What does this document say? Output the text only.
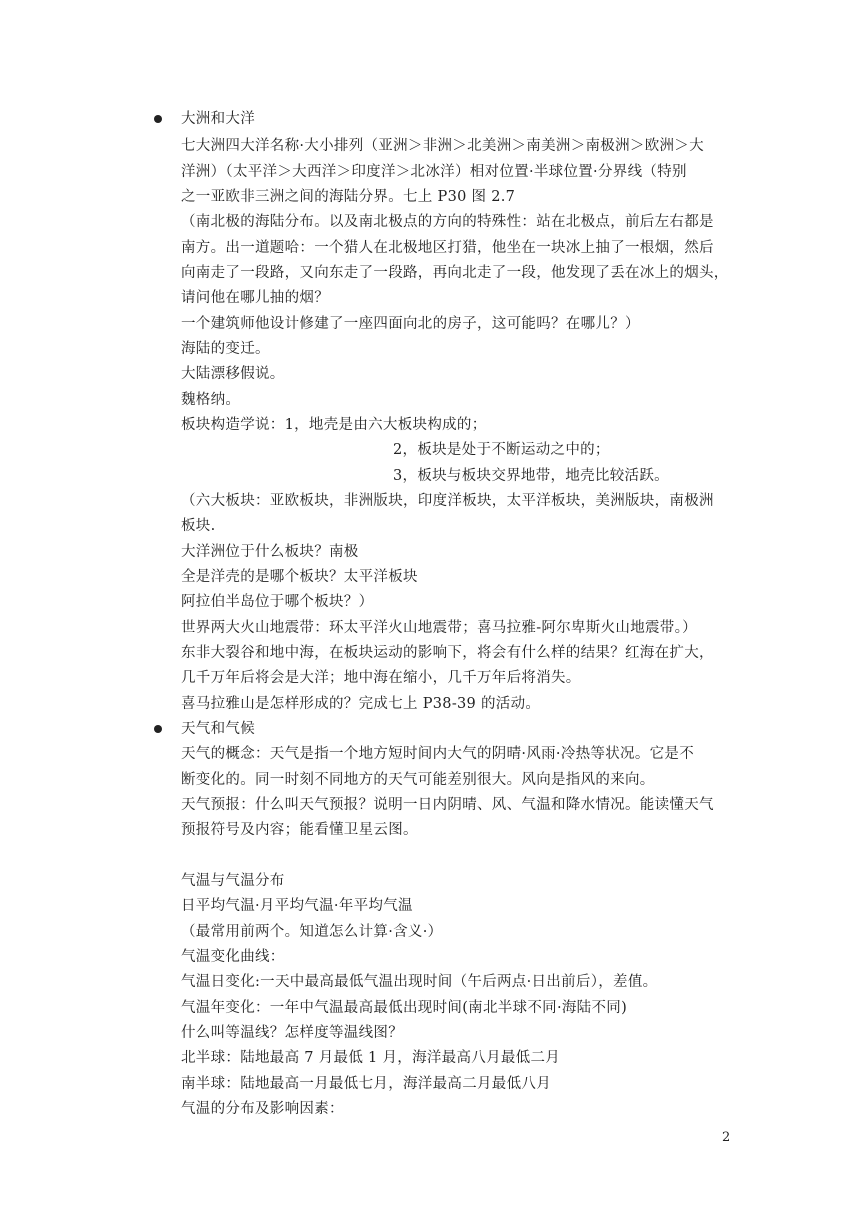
大洲和大洋
七大洲四大洋名称·大小排列（亚洲＞非洲＞北美洲＞南美洲＞南极洲＞欧洲＞大
洋洲）（太平洋＞大西洋＞印度洋＞北冰洋）相对位置·半球位置·分界线（特别
之一亚欧非三洲之间的海陆分界。七上 P30 图 2.7
（南北极的海陆分布。以及南北极点的方向的特殊性：站在北极点，前后左右都是
南方。出一道题哈：一个猎人在北极地区打猎，他坐在一块冰上抽了一根烟，然后
向南走了一段路，又向东走了一段路，再向北走了一段，他发现了丢在冰上的烟头，
请问他在哪儿抽的烟？
一个建筑师他设计修建了一座四面向北的房子，这可能吗？在哪儿？）
海陆的变迁。
大陆漂移假说。
魏格纳。
板块构造学说：1，地壳是由六大板块构成的；
2，板块是处于不断运动之中的；
3，板块与板块交界地带，地壳比较活跃。
（六大板块：亚欧板块，非洲版块，印度洋板块，太平洋板块，美洲版块，南极洲
板块.
大洋洲位于什么板块？南极
全是洋壳的是哪个板块？太平洋板块
阿拉伯半岛位于哪个板块？）
世界两大火山地震带：环太平洋火山地震带；喜马拉雅-阿尔卑斯火山地震带。）
东非大裂谷和地中海，在板块运动的影响下，将会有什么样的结果？红海在扩大，
几千万年后将会是大洋；地中海在缩小，几千万年后将消失。
喜马拉雅山是怎样形成的？完成七上 P38-39 的活动。
天气和气候
天气的概念：天气是指一个地方短时间内大气的阴晴·风雨·冷热等状况。它是不
断变化的。同一时刻不同地方的天气可能差别很大。风向是指风的来向。
天气预报：什么叫天气预报？说明一日内阴晴、风、气温和降水情况。能读懂天气
预报符号及内容；能看懂卫星云图。
气温与气温分布
日平均气温·月平均气温·年平均气温
（最常用前两个。知道怎么计算·含义·）
气温变化曲线：
气温日变化:一天中最高最低气温出现时间（午后两点·日出前后），差值。
气温年变化：一年中气温最高最低出现时间(南北半球不同·海陆不同)
什么叫等温线？怎样度等温线图？
北半球：陆地最高 7 月最低 1 月，海洋最高八月最低二月
南半球：陆地最高一月最低七月，海洋最高二月最低八月
气温的分布及影响因素：
2
